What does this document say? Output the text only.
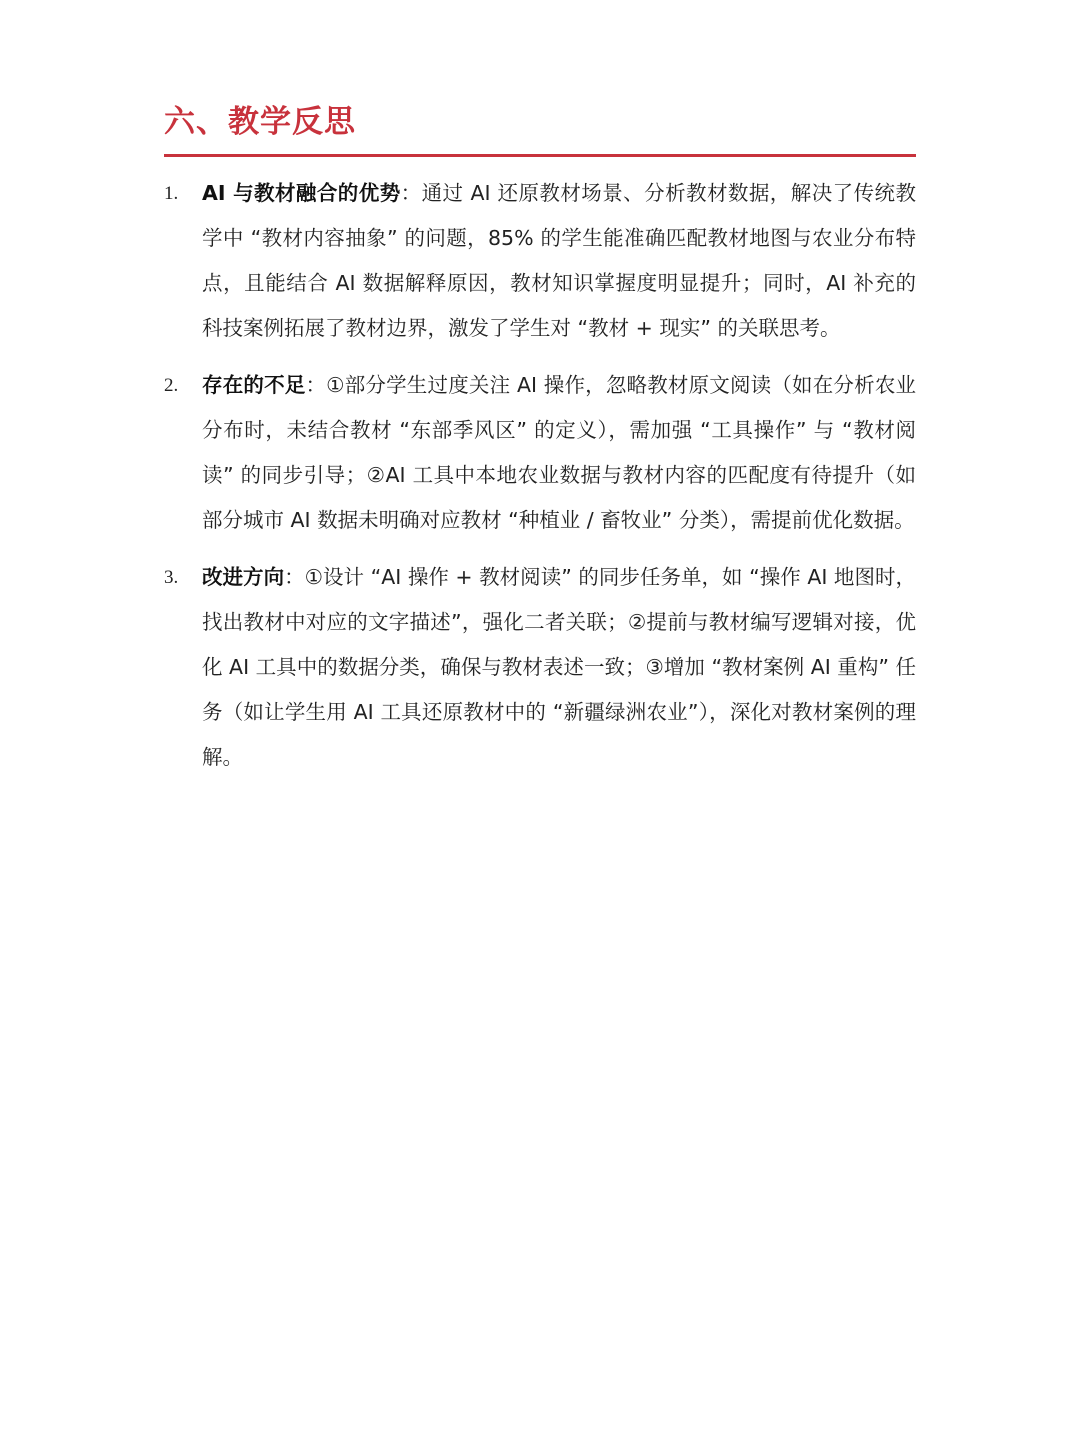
六、教学反思
1.	AI 与教材融合的优势：通过 AI 还原教材场景、分析教材数据，解决了传统教学中 “教材内容抽象” 的问题，85% 的学生能准确匹配教材地图与农业分布特点，且能结合 AI 数据解释原因，教材知识掌握度明显提升；同时，AI 补充的科技案例拓展了教材边界，激发了学生对 “教材 + 现实” 的关联思考。
2.	存在的不足：①部分学生过度关注 AI 操作，忽略教材原文阅读（如在分析农业分布时，未结合教材 “东部季风区” 的定义），需加强 “工具操作” 与 “教材阅读” 的同步引导；②AI 工具中本地农业数据与教材内容的匹配度有待提升（如部分城市 AI 数据未明确对应教材 “种植业 / 畜牧业” 分类），需提前优化数据。
3.	改进方向：①设计 “AI 操作 + 教材阅读” 的同步任务单，如 “操作 AI 地图时，找出教材中对应的文字描述”，强化二者关联；②提前与教材编写逻辑对接，优化 AI 工具中的数据分类，确保与教材表述一致；③增加 “教材案例 AI 重构” 任务（如让学生用 AI 工具还原教材中的 “新疆绿洲农业”），深化对教材案例的理解。
